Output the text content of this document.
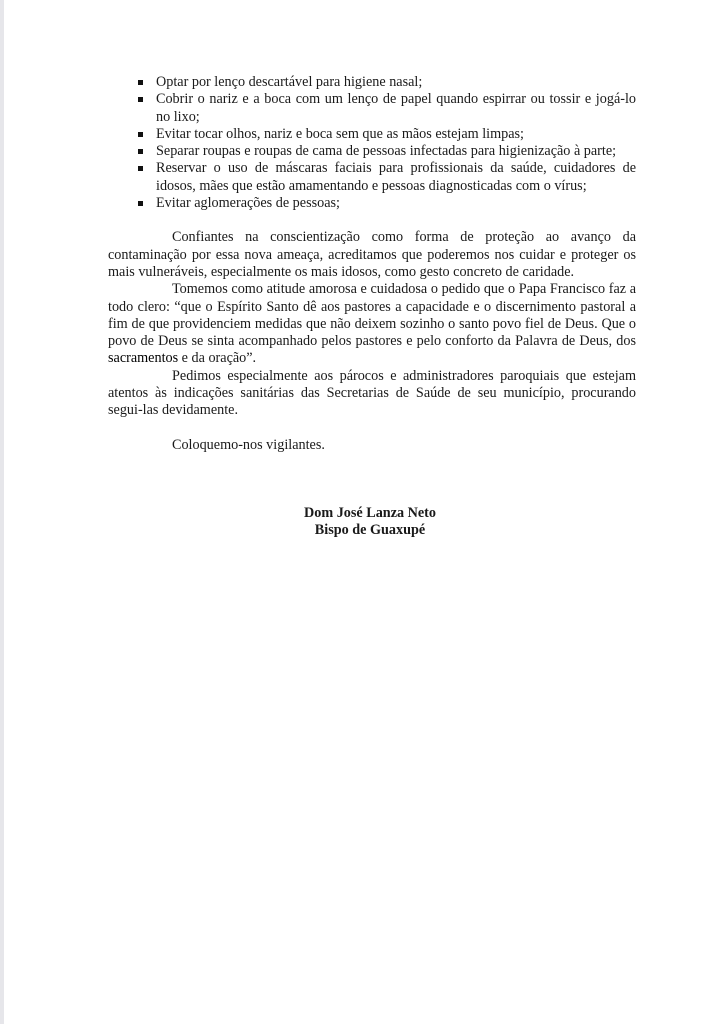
Optar por lenço descartável para higiene nasal;
Cobrir o nariz e a boca com um lenço de papel quando espirrar ou tossir e jogá-lo no lixo;
Evitar tocar olhos, nariz e boca sem que as mãos estejam limpas;
Separar roupas e roupas de cama de pessoas infectadas para higienização à parte;
Reservar o uso de máscaras faciais para profissionais da saúde, cuidadores de idosos, mães que estão amamentando e pessoas diagnosticadas com o vírus;
Evitar aglomerações de pessoas;

Confiantes na conscientização como forma de proteção ao avanço da contaminação por essa nova ameaça, acreditamos que poderemos nos cuidar e proteger os mais vulneráveis, especialmente os mais idosos, como gesto concreto de caridade.

Tomemos como atitude amorosa e cuidadosa o pedido que o Papa Francisco faz a todo clero: “que o Espírito Santo dê aos pastores a capacidade e o discernimento pastoral a fim de que providenciem medidas que não deixem sozinho o santo povo fiel de Deus. Que o povo de Deus se sinta acompanhado pelos pastores e pelo conforto da Palavra de Deus, dos sacramentos e da oração”.

Pedimos especialmente aos párocos e administradores paroquiais que estejam atentos às indicações sanitárias das Secretarias de Saúde de seu município, procurando segui-las devidamente.

Coloquemo-nos vigilantes.

Dom José Lanza Neto
Bispo de Guaxupé
